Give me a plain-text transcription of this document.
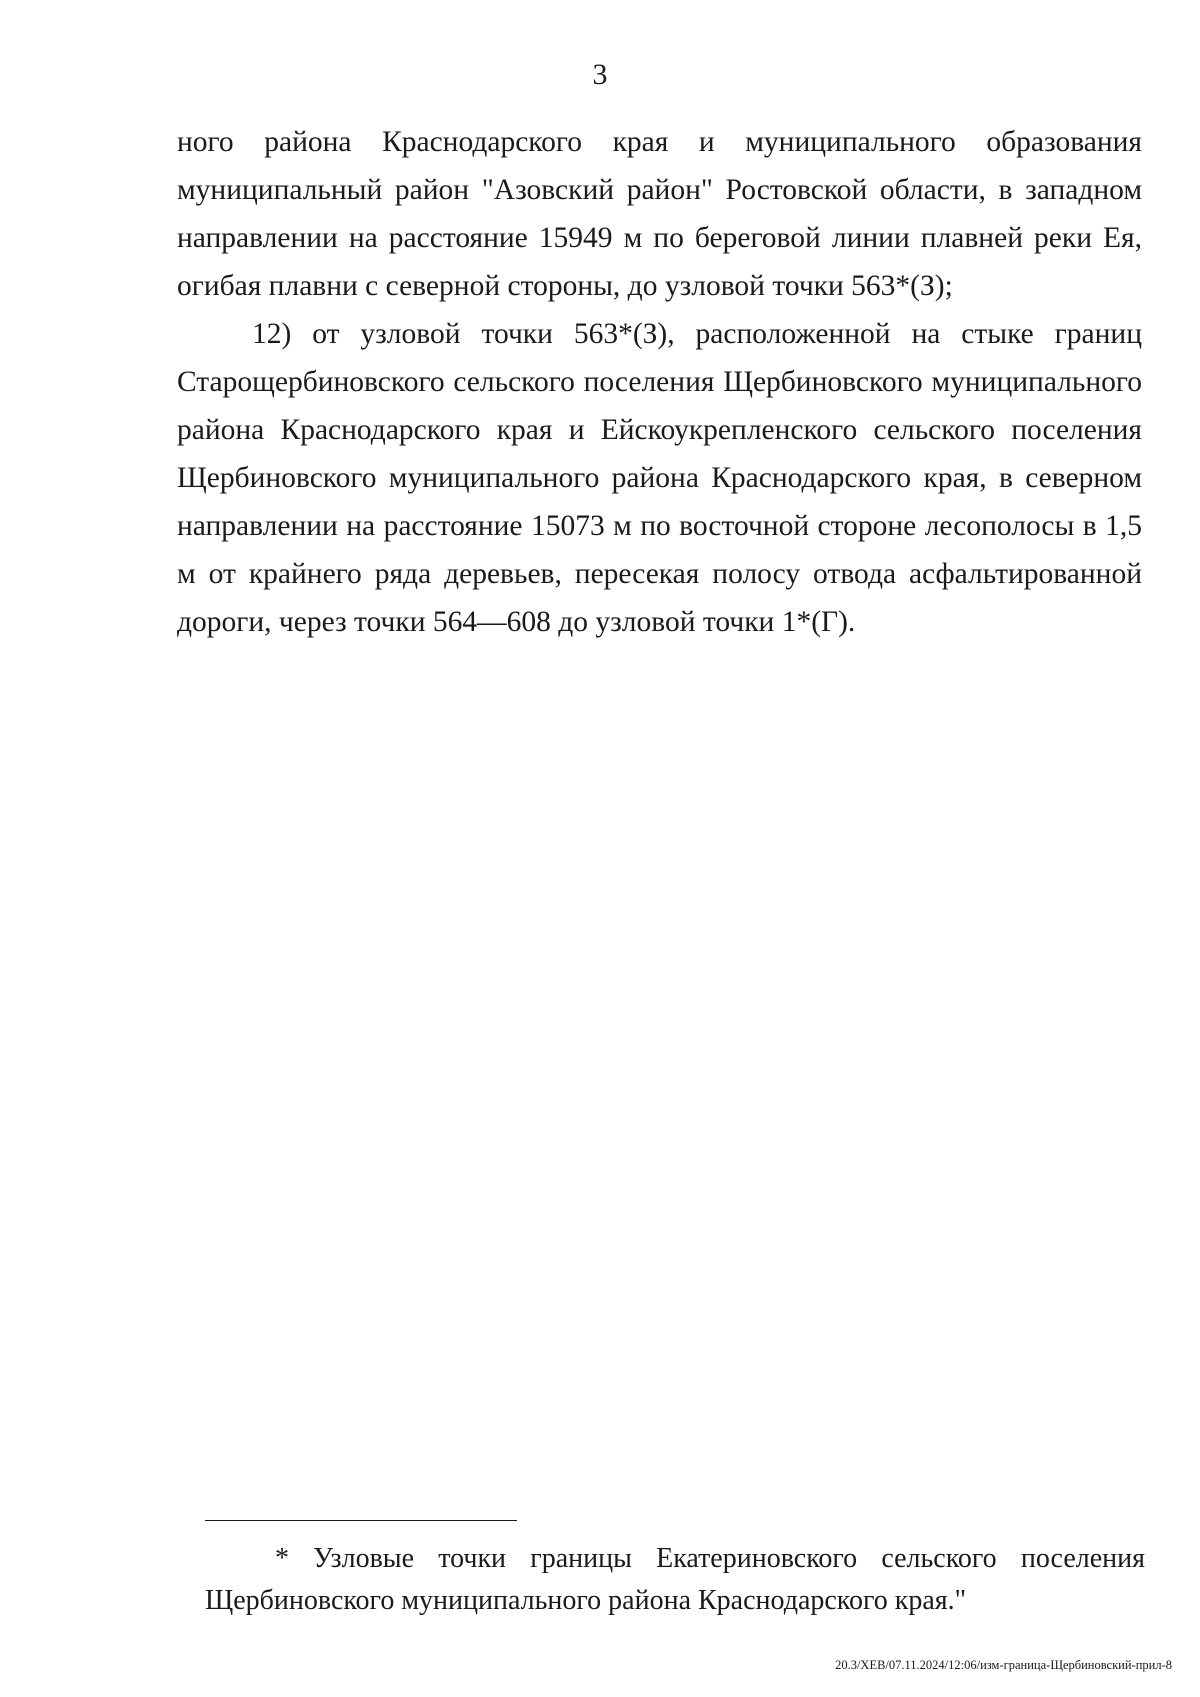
3

ного района Краснодарского края и муниципального образования муниципальный район "Азовский район" Ростовской области, в западном направлении на расстояние 15949 м по береговой линии плавней реки Ея, огибая плавни с северной стороны, до узловой точки 563*(З);

12) от узловой точки 563*(З), расположенной на стыке границ Старощербиновского сельского поселения Щербиновского муниципального района Краснодарского края и Ейскоукрепленского сельского поселения Щербиновского муниципального района Краснодарского края, в северном направлении на расстояние 15073 м по восточной стороне лесополосы в 1,5 м от крайнего ряда деревьев, пересекая полосу отвода асфальтированной дороги, через точки 564—608 до узловой точки 1*(Г).

* Узловые точки границы Екатериновского сельского поселения Щербиновского муниципального района Краснодарского края."
20.3/ХЕВ/07.11.2024/12:06/изм-граница-Щербиновский-прил-8
